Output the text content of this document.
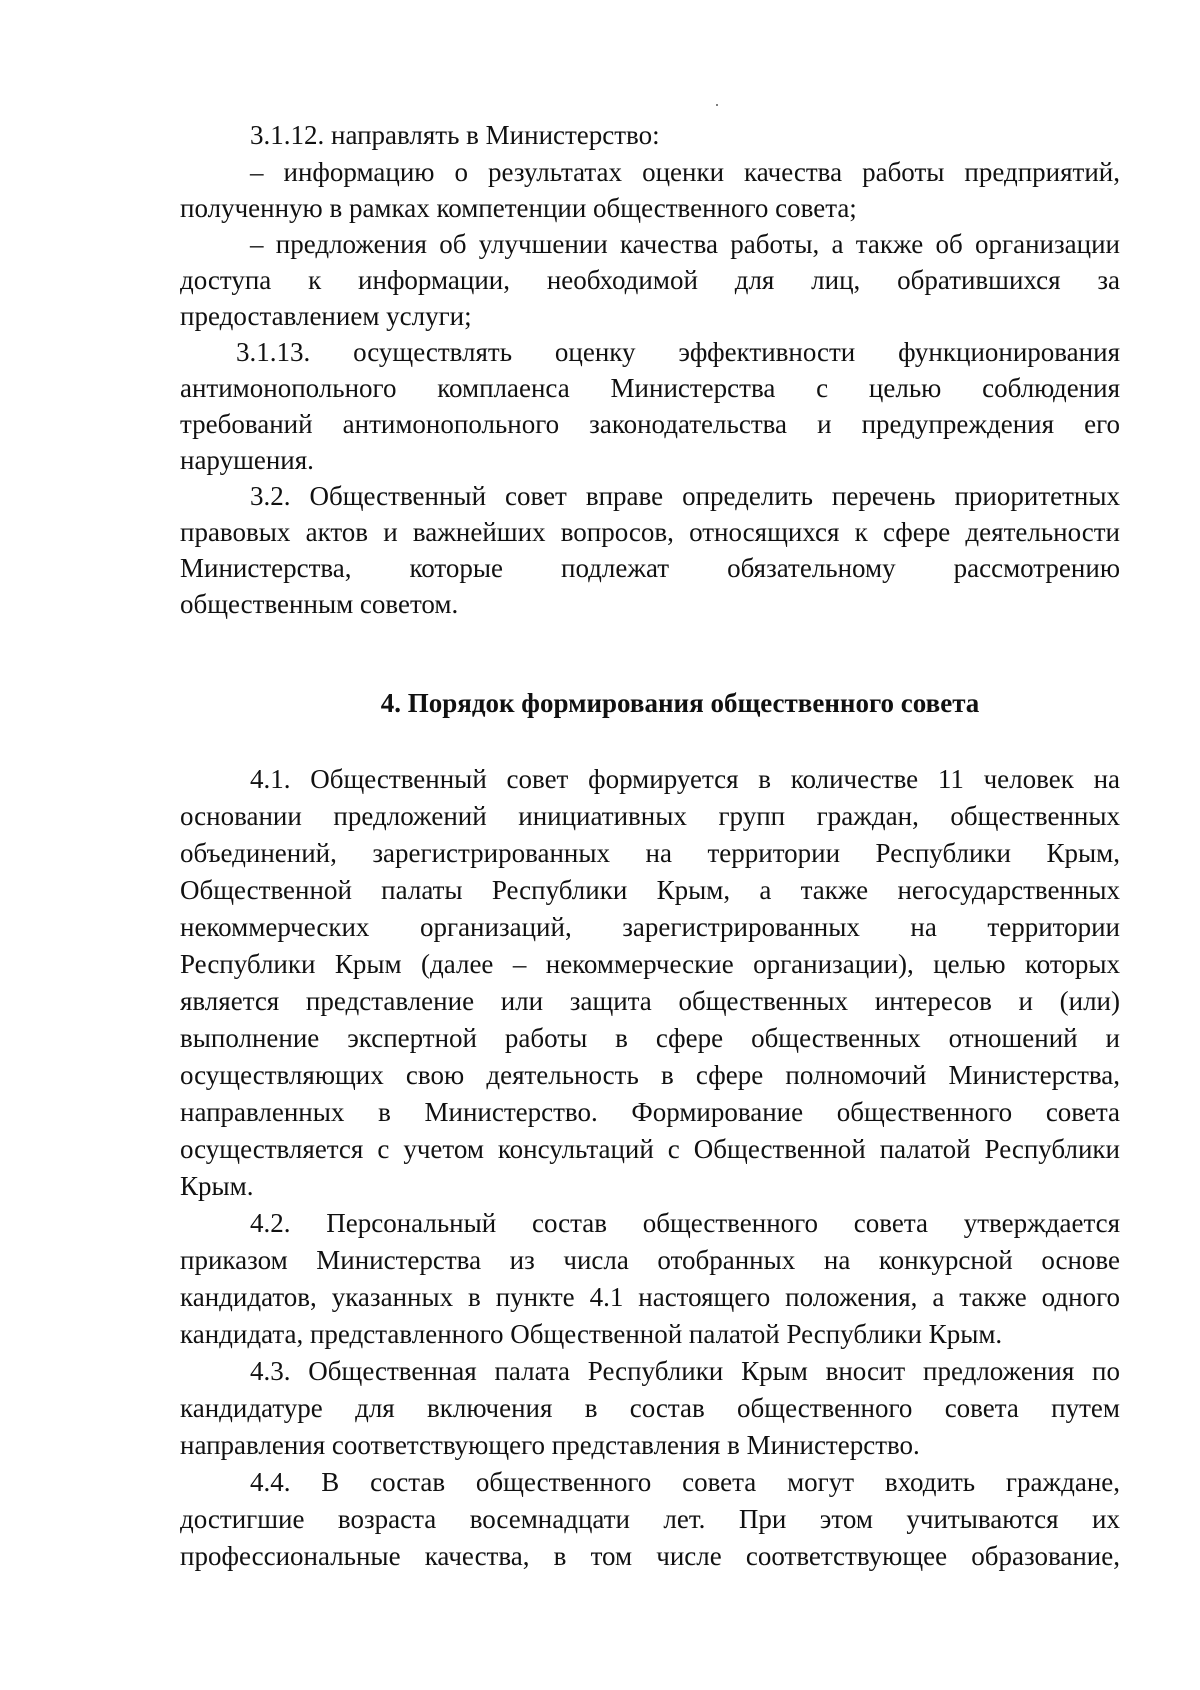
3.1.12. направлять в Министерство:
– информацию о результатах оценки качества работы предприятий,
полученную в рамках компетенции общественного совета;
– предложения об улучшении качества работы, а также об организации
доступа к информации, необходимой для лиц, обратившихся за
предоставлением услуги;
3.1.13. осуществлять оценку эффективности функционирования
антимонопольного комплаенса Министерства с целью соблюдения
требований антимонопольного законодательства и предупреждения его
нарушения.
3.2. Общественный совет вправе определить перечень приоритетных
правовых актов и важнейших вопросов, относящихся к сфере деятельности
Министерства, которые подлежат обязательному рассмотрению
общественным советом.
4. Порядок формирования общественного совета
4.1. Общественный совет формируется в количестве 11 человек на
основании предложений инициативных групп граждан, общественных
объединений, зарегистрированных на территории Республики Крым,
Общественной палаты Республики Крым, а также негосударственных
некоммерческих организаций, зарегистрированных на территории
Республики Крым (далее – некоммерческие организации), целью которых
является представление или защита общественных интересов и (или)
выполнение экспертной работы в сфере общественных отношений и
осуществляющих свою деятельность в сфере полномочий Министерства,
направленных в Министерство. Формирование общественного совета
осуществляется с учетом консультаций с Общественной палатой Республики
Крым.
4.2. Персональный состав общественного совета утверждается
приказом Министерства из числа отобранных на конкурсной основе
кандидатов, указанных в пункте 4.1 настоящего положения, а также одного
кандидата, представленного Общественной палатой Республики Крым.
4.3. Общественная палата Республики Крым вносит предложения по
кандидатуре для включения в состав общественного совета путем
направления соответствующего представления в Министерство.
4.4. В состав общественного совета могут входить граждане,
достигшие возраста восемнадцати лет. При этом учитываются их
профессиональные качества, в том числе соответствующее образование,
